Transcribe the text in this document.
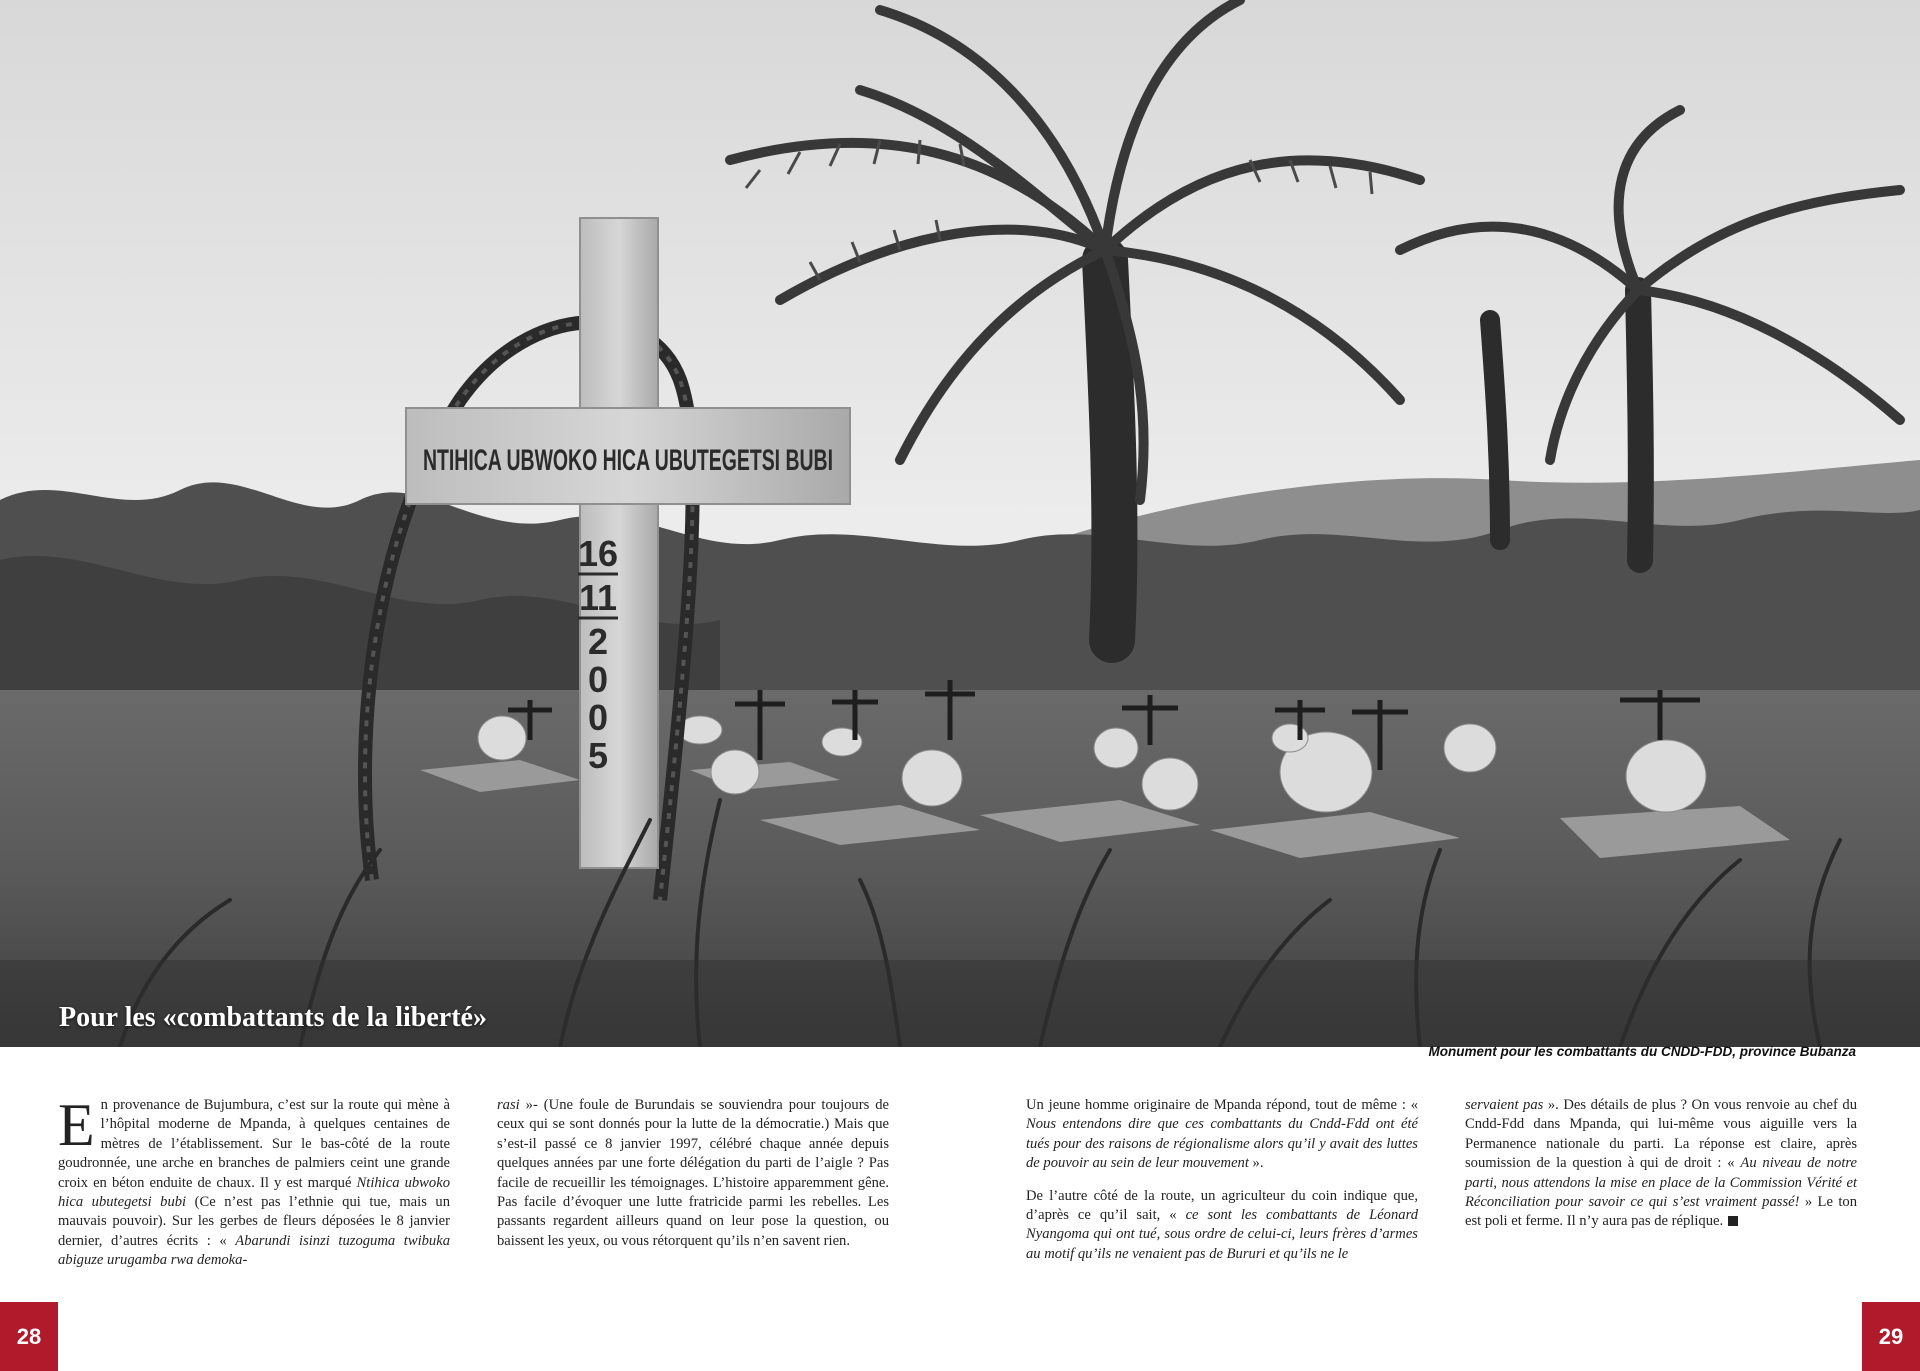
NTIHICA UBWOKO HICA UBUTEGETSI BUBI
16
11
2
0
0
5
Pour les «combattants de la liberté»

Monument pour les combattants du CNDD-FDD, province Bubanza

En provenance de Bujumbura, c’est sur la route qui mène à l’hôpital moderne de Mpanda, à quelques centaines de mètres de l’établissement. Sur le bas-côté de la route goudronnée, une arche en branches de palmiers ceint une grande croix en béton enduite de chaux. Il y est marqué Ntihica ubwoko hica ubutegetsi bubi (Ce n’est pas l’ethnie qui tue, mais un mauvais pouvoir). Sur les gerbes de fleurs déposées le 8 janvier dernier, d’autres écrits : « Abarundi isinzi tuzoguma twibuka abiguze urugamba rwa demoka-

rasi »- (Une foule de Burundais se souviendra pour toujours de ceux qui se sont donnés pour la lutte de la démocratie.) Mais que s’est-il passé ce 8 janvier 1997, célébré chaque année depuis quelques années par une forte délégation du parti de l’aigle ? Pas facile de recueillir les témoignages. L’histoire apparemment gêne. Pas facile d’évoquer une lutte fratricide parmi les rebelles. Les passants regardent ailleurs quand on leur pose la question, ou baissent les yeux, ou vous rétorquent qu’ils n’en savent rien.

Un jeune homme originaire de Mpanda répond, tout de même : « Nous entendons dire que ces combattants du Cndd-Fdd ont été tués pour des raisons de régionalisme alors qu’il y avait des luttes de pouvoir au sein de leur mouvement ».

De l’autre côté de la route, un agriculteur du coin indique que, d’après ce qu’il sait, « ce sont les combattants de Léonard Nyangoma qui ont tué, sous ordre de celui-ci, leurs frères d’armes au motif qu’ils ne venaient pas de Bururi et qu’ils ne le

servaient pas ». Des détails de plus ? On vous renvoie au chef du Cndd-Fdd dans Mpanda, qui lui-même vous aiguille vers la Permanence nationale du parti. La réponse est claire, après soumission de la question à qui de droit : « Au niveau de notre parti, nous attendons la mise en place de la Commission Vérité et Réconciliation pour savoir ce qui s’est vraiment passé! » Le ton est poli et ferme. Il n’y aura pas de réplique.

28	29
